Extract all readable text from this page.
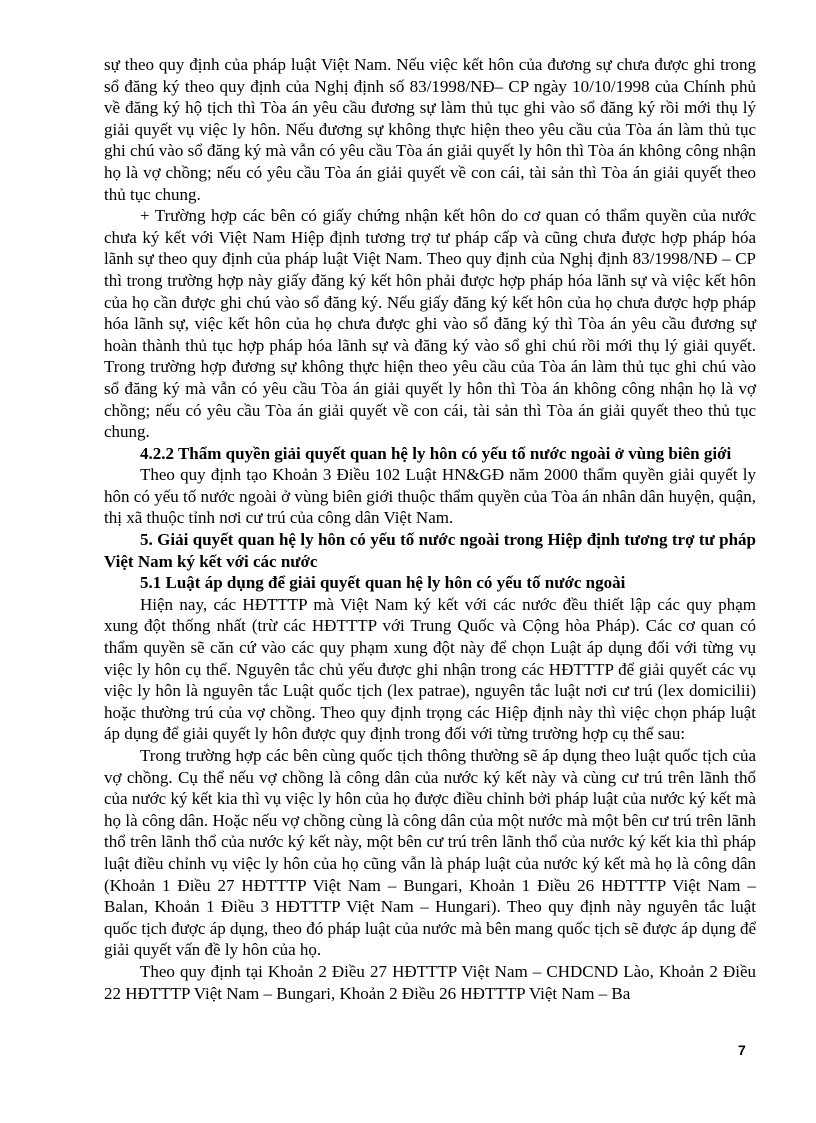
sự theo quy định của pháp luật Việt Nam. Nếu việc kết hôn của đương sự chưa được ghi trong sổ đăng ký theo quy định của Nghị định số 83/1998/NĐ– CP ngày 10/10/1998 của Chính phủ về đăng ký hộ tịch thì Tòa án yêu cầu đương sự làm thủ tục ghi vào sổ đăng ký rồi mới thụ lý giải quyết vụ việc ly hôn. Nếu đương sự không thực hiện theo yêu cầu của Tòa án làm thủ tục ghi chú vào sổ đăng ký mà vẫn có yêu cầu Tòa án giải quyết ly hôn thì Tòa án không công nhận họ là vợ chồng; nếu có yêu cầu Tòa án giải quyết về con cái, tài sản thì Tòa án giải quyết theo thủ tục chung.

+ Trường hợp các bên có giấy chứng nhận kết hôn do cơ quan có thẩm quyền của nước chưa ký kết với Việt Nam Hiệp định tương trợ tư pháp cấp và cũng chưa được hợp pháp hóa lãnh sự theo quy định của pháp luật Việt Nam. Theo quy định của Nghị định 83/1998/NĐ – CP thì trong trường hợp này giấy đăng ký kết hôn phải được hợp pháp hóa lãnh sự và việc kết hôn của họ cần được ghi chú vào sổ đăng ký. Nếu giấy đăng ký kết hôn của họ chưa được hợp pháp hóa lãnh sự, việc kết hôn của họ chưa được ghi vào sổ đăng ký thì Tòa án yêu cầu đương sự hoàn thành thủ tục hợp pháp hóa lãnh sự và đăng ký vào sổ ghi chú rồi mới thụ lý giải quyết. Trong trường hợp đương sự không thực hiện theo yêu cầu của Tòa án làm thủ tục ghi chú vào sổ đăng ký mà vẫn có yêu cầu Tòa án giải quyết ly hôn thì Tòa án không công nhận họ là vợ chồng; nếu có yêu cầu Tòa án giải quyết về con cái, tài sản thì Tòa án giải quyết theo thủ tục chung.

4.2.2 Thẩm quyền giải quyết quan hệ ly hôn có yếu tố nước ngoài ở vùng biên giới

Theo quy định tạo Khoản 3 Điều 102 Luật HN&GĐ năm 2000 thẩm quyền giải quyết ly hôn có yếu tố nước ngoài ở vùng biên giới thuộc thẩm quyền của Tòa án nhân dân huyện, quận, thị xã thuộc tỉnh nơi cư trú của công dân Việt Nam.

5. Giải quyết quan hệ ly hôn có yếu tố nước ngoài trong Hiệp định tương trợ tư pháp Việt Nam ký kết với các nước

5.1 Luật áp dụng để giải quyết quan hệ ly hôn có yếu tố nước ngoài

Hiện nay, các HĐTTTP mà Việt Nam ký kết với các nước đều thiết lập các quy phạm xung đột thống nhất (trừ các HĐTTTP với Trung Quốc và Cộng hòa Pháp). Các cơ quan có thẩm quyền sẽ căn cứ vào các quy phạm xung đột này để chọn Luật áp dụng đối với từng vụ việc ly hôn cụ thể. Nguyên tắc chủ yếu được ghi nhận trong các HĐTTTP để giải quyết các vụ việc ly hôn là nguyên tắc Luật quốc tịch (lex patrae), nguyên tắc luật nơi cư trú (lex domicilii) hoặc thường trú của vợ chồng. Theo quy định trọng các Hiệp định này thì việc chọn pháp luật áp dụng để giải quyết ly hôn được quy định trong đối với từng trường hợp cụ thể sau:

Trong trường hợp các bên cùng quốc tịch thông thường sẽ áp dụng theo luật quốc tịch của vợ chồng. Cụ thể nếu vợ chồng là công dân của nước ký kết này và cùng cư trú trên lãnh thổ của nước ký kết kia thì vụ việc ly hôn của họ được điều chỉnh bởi pháp luật của nước ký kết mà họ là công dân. Hoặc nếu vợ chồng cùng là công dân của một nước mà một bên cư trú trên lãnh thổ trên lãnh thổ của nước ký kết này, một bên cư trú trên lãnh thổ của nước ký kết kia thì pháp luật điều chỉnh vụ việc ly hôn của họ cũng vẫn là pháp luật của nước ký kết mà họ là công dân (Khoản 1 Điều 27 HĐTTTP Việt Nam – Bungari, Khoản 1 Điều 26 HĐTTTP Việt Nam – Balan, Khoản 1 Điều 3 HĐTTTP Việt Nam – Hungari). Theo quy định này nguyên tắc luật quốc tịch được áp dụng, theo đó pháp luật của nước mà bên mang quốc tịch sẽ được áp dụng để giải quyết vấn đề ly hôn của họ.

Theo quy định tại Khoản 2 Điều 27 HĐTTTP Việt Nam – CHDCND Lào, Khoản 2 Điều 22 HĐTTTP Việt Nam – Bungari, Khoản 2 Điều 26 HĐTTTP Việt Nam – Ba

7
